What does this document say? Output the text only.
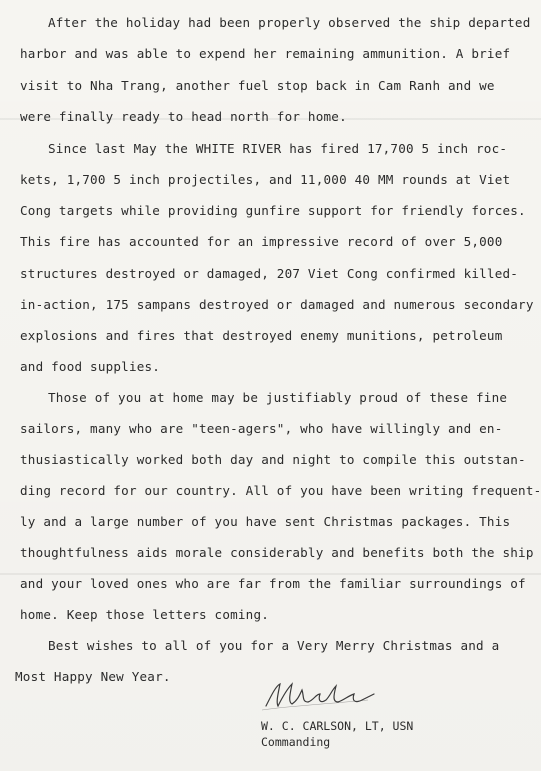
After the holiday had been properly observed the ship departed
harbor and was able to expend her remaining ammunition. A brief
visit to Nha Trang, another fuel stop back in Cam Ranh and we
were finally ready to head north for home.
Since last May the WHITE RIVER has fired 17,700 5 inch roc-
kets, 1,700 5 inch projectiles, and 11,000 40 MM rounds at Viet
Cong targets while providing gunfire support for friendly forces.
This fire has accounted for an impressive record of over 5,000
structures destroyed or damaged, 207 Viet Cong confirmed killed-
in-action, 175 sampans destroyed or damaged and numerous secondary
explosions and fires that destroyed enemy munitions, petroleum
and food supplies.
Those of you at home may be justifiably proud of these fine
sailors, many who are "teen-agers", who have willingly and en-
thusiastically worked both day and night to compile this outstan-
ding record for our country. All of you have been writing frequent-
ly and a large number of you have sent Christmas packages. This
thoughtfulness aids morale considerably and benefits both the ship
and your loved ones who are far from the familiar surroundings of
home. Keep those letters coming.
Best wishes to all of you for a Very Merry Christmas and a
Most Happy New Year.
W. C. CARLSON, LT, USN
Commanding
